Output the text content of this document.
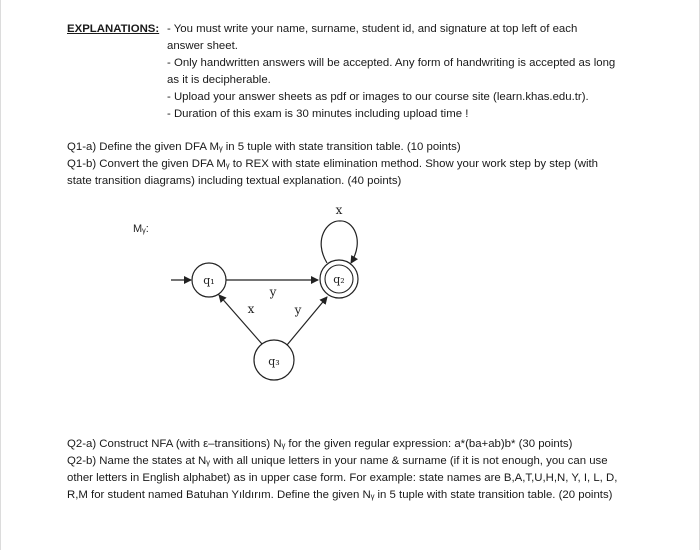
EXPLANATIONS: - You must write your name, surname, student id, and signature at top left of each
answer sheet.
- Only handwritten answers will be accepted. Any form of handwriting is accepted as long
as it is decipherable.
- Upload your answer sheets as pdf or images to our course site (learn.khas.edu.tr).
- Duration of this exam is 30 minutes including upload time !
Q1-a) Define the given DFA Mᵧ in 5 tuple with state transition table. (10 points)
Q1-b) Convert the given DFA Mᵧ to REX with state elimination method. Show your work step by step (with
state transition diagrams) including textual explanation. (40 points)
Mᵧ:
q₁	q₂
x
y
q₃
x	y
Q2-a) Construct NFA (with ε–transitions) Nᵧ for the given regular expression: a*(ba+ab)b* (30 points)
Q2-b) Name the states at Nᵧ with all unique letters in your name & surname (if it is not enough, you can use
other letters in English alphabet) as in upper case form. For example: state names are B,A,T,U,H,N, Y, I, L, D,
R,M for student named Batuhan Yıldırım. Define the given Nᵧ in 5 tuple with state transition table. (20 points)
